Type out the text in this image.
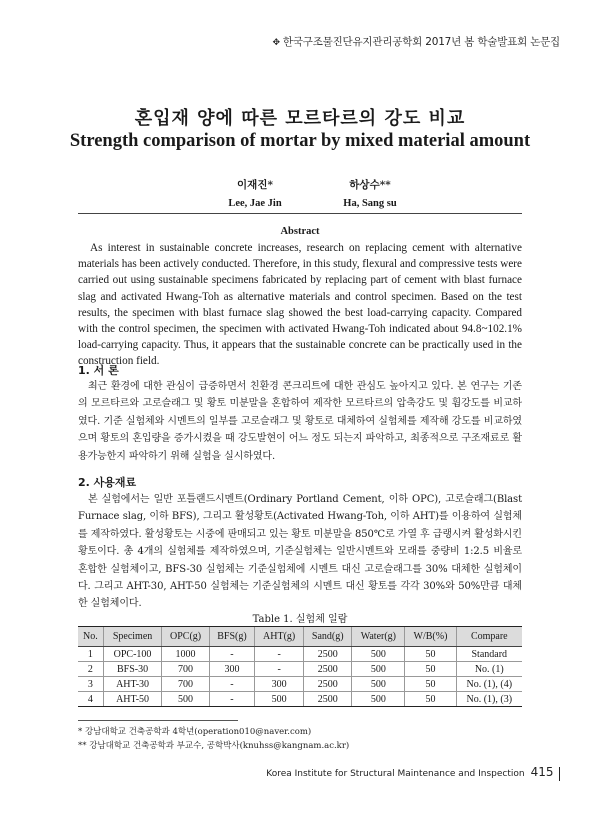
✥ 한국구조물진단유지관리공학회 2017년 봄 학술발표회 논문집
혼입재 양에 따른 모르타르의 강도 비교
Strength comparison of mortar by mixed material amount
이재진*
Lee, Jae Jin
하상수**
Ha, Sang su
Abstract
As interest in sustainable concrete increases, research on replacing cement with alternative materials has been actively conducted. Therefore, in this study, flexural and compressive tests were carried out using sustainable specimens fabricated by replacing part of cement with blast furnace slag and activated Hwang-Toh as alternative materials and control specimen. Based on the test results, the specimen with blast furnace slag showed the best load-carrying capacity. Compared with the control specimen, the specimen with activated Hwang-Toh indicated about 94.8~102.1% load-carrying capacity. Thus, it appears that the sustainable concrete can be practically used in the construction field.
1. 서 론
최근 환경에 대한 관심이 급증하면서 친환경 콘크리트에 대한 관심도 높아지고 있다. 본 연구는 기존의 모르타르와 고로슬래그 및 황토 미분말을 혼합하여 제작한 모르타르의 압축강도 및 휨강도를 비교하였다. 기준 실험체와 시멘트의 일부를 고로슬래그 및 황토로 대체하여 실험체를 제작해 강도를 비교하였으며 황토의 혼입량을 증가시켰을 때 강도발현이 어느 정도 되는지 파악하고, 최종적으로 구조재료로 활용가능한지 파악하기 위해 실험을 실시하였다.
2. 사용재료
본 실험에서는 일반 포틀랜드시멘트(Ordinary Portland Cement, 이하 OPC), 고로슬래그(Blast Furnace slag, 이하 BFS), 그리고 활성황토(Activated Hwang-Toh, 이하 AHT)를 이용하여 실험체를 제작하였다. 활성황토는 시중에 판매되고 있는 황토 미분말을 850℃로 가열 후 급랭시켜 활성화시킨 황토이다. 총 4개의 실험체를 제작하였으며, 기준실험체는 일반시멘트와 모래를 중량비 1:2.5 비율로 혼합한 실험체이고, BFS-30 실험체는 기준실험체에 시멘트 대신 고로슬래그를 30% 대체한 실험체이다. 그리고 AHT-30, AHT-50 실험체는 기준실험체의 시멘트 대신 황토를 각각 30%와 50%만큼 대체한 실험체이다.
Table 1. 실험체 일람
No.	Specimen	OPC(g)	BFS(g)	AHT(g)	Sand(g)	Water(g)	W/B(%)	Compare
1	OPC-100	1000	-	-	2500	500	50	Standard
2	BFS-30	700	300	-	2500	500	50	No. (1)
3	AHT-30	700	-	300	2500	500	50	No. (1), (4)
4	AHT-50	500	-	500	2500	500	50	No. (1), (3)
* 강남대학교 건축공학과 4학년(operation010@naver.com)
** 강남대학교 건축공학과 부교수, 공학박사(knuhss@kangnam.ac.kr)
Korea Institute for Structural Maintenance and Inspection 415
